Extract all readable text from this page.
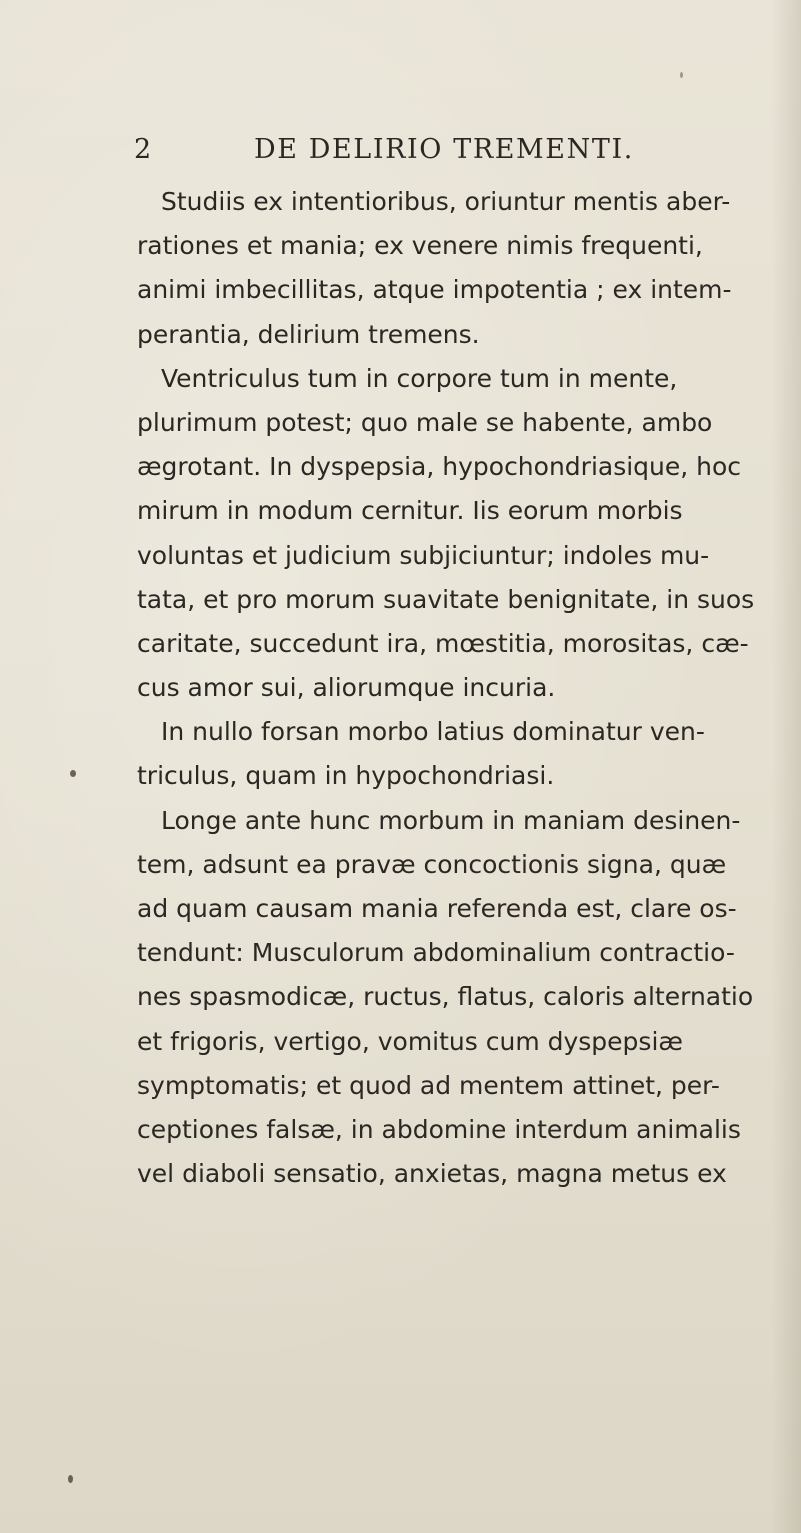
2	DE DELIRIO TREMENTI.
Studiis ex intentioribus, oriuntur mentis aber-
rationes et mania; ex venere nimis frequenti,
animi imbecillitas, atque impotentia ; ex intem-
perantia, delirium tremens.
Ventriculus tum in corpore tum in mente,
plurimum potest; quo male se habente, ambo
ægrotant. In dyspepsia, hypochondriasique, hoc
mirum in modum cernitur. Iis eorum morbis
voluntas et judicium subjiciuntur; indoles mu-
tata, et pro morum suavitate benignitate, in suos
caritate, succedunt ira, mœstitia, morositas, cæ-
cus amor sui, aliorumque incuria.
In nullo forsan morbo latius dominatur ven-
triculus, quam in hypochondriasi.
Longe ante hunc morbum in maniam desinen-
tem, adsunt ea pravæ concoctionis signa, quæ
ad quam causam mania referenda est, clare os-
tendunt: Musculorum abdominalium contractio-
nes spasmodicæ, ructus, flatus, caloris alternatio
et frigoris, vertigo, vomitus cum dyspepsiæ
symptomatis; et quod ad mentem attinet, per-
ceptiones falsæ, in abdomine interdum animalis
vel diaboli sensatio, anxietas, magna metus ex
